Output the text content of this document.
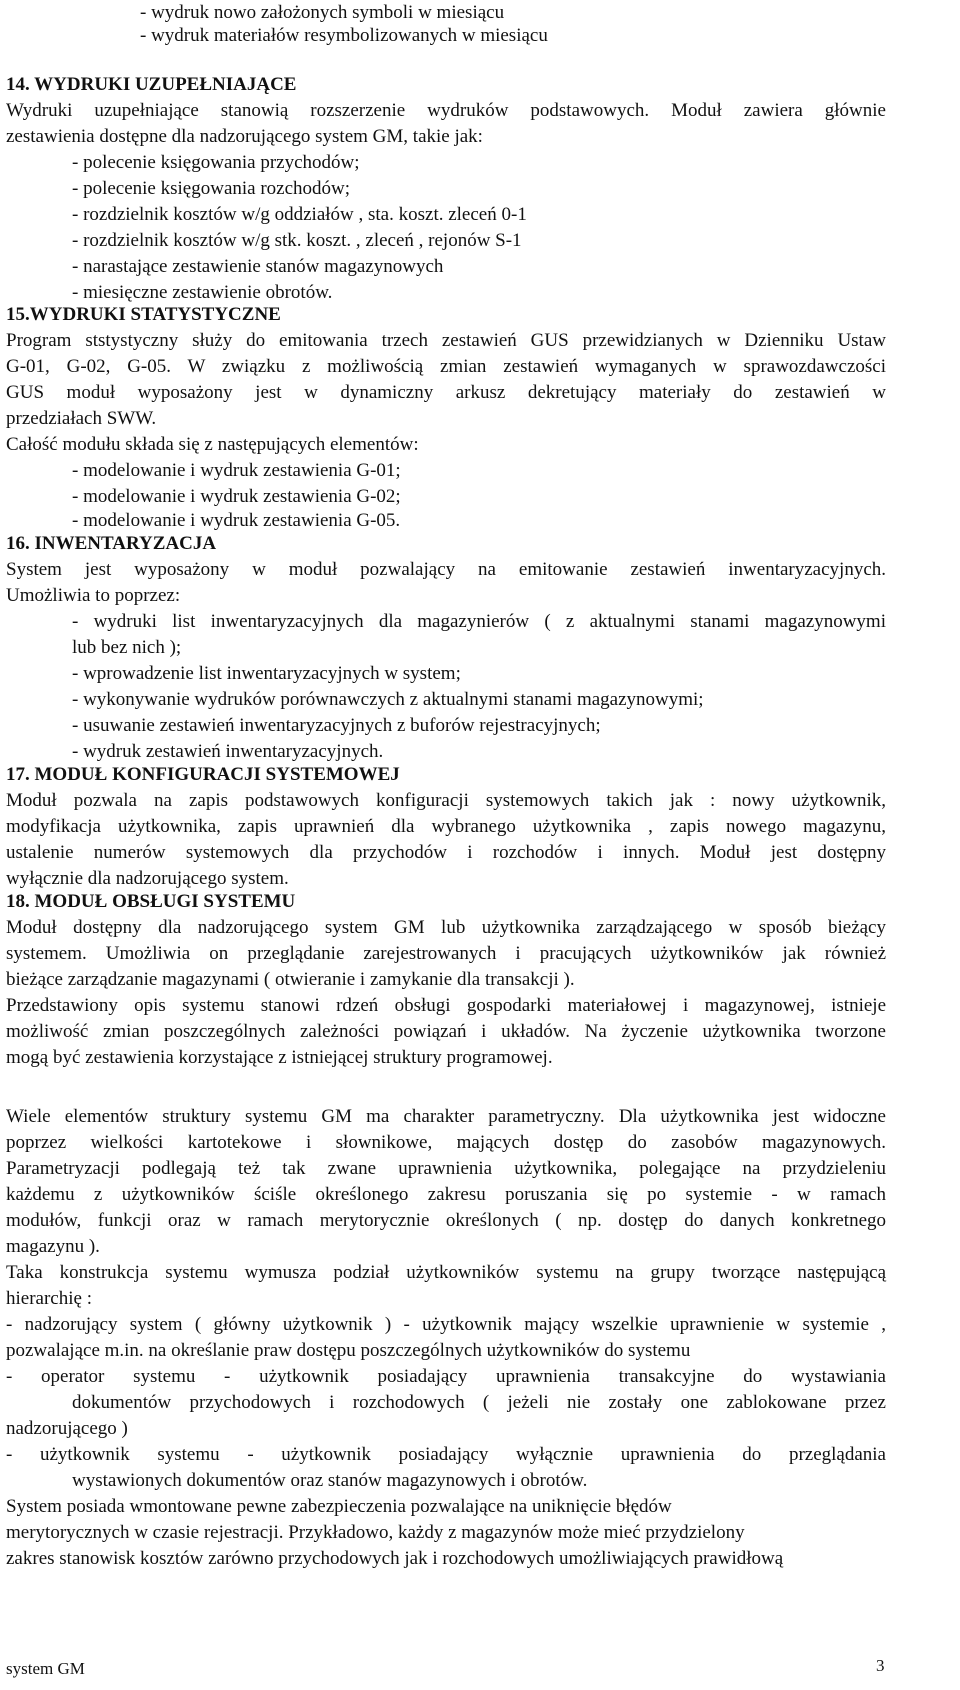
- wydruk nowo założonych symboli w miesiącu
- wydruk materiałów resymbolizowanych w miesiącu
14. WYDRUKI UZUPEŁNIAJĄCE
Wydruki uzupełniające stanowią rozszerzenie wydruków podstawowych. Moduł zawiera głównie
zestawienia dostępne dla nadzorującego system GM, takie jak:
- polecenie księgowania przychodów;
- polecenie księgowania rozchodów;
- rozdzielnik kosztów w/g oddziałów , sta. koszt. zleceń 0-1
- rozdzielnik kosztów w/g stk. koszt. , zleceń , rejonów S-1
- narastające zestawienie stanów magazynowych
- miesięczne zestawienie obrotów.
15.WYDRUKI STATYSTYCZNE
Program ststystyczny służy do emitowania trzech zestawień GUS przewidzianych w Dzienniku Ustaw
G-01, G-02, G-05. W związku z możliwością zmian zestawień wymaganych w sprawozdawczości
GUS moduł wyposażony jest w dynamiczny arkusz dekretujący materiały do zestawień w
przedziałach SWW.
Całość modułu składa się z następujących elementów:
- modelowanie i wydruk zestawienia G-01;
- modelowanie i wydruk zestawienia G-02;
- modelowanie i wydruk zestawienia G-05.
16. INWENTARYZACJA
System jest wyposażony w moduł pozwalający na emitowanie zestawień inwentaryzacyjnych.
Umożliwia to poprzez:
- wydruki list inwentaryzacyjnych dla magazynierów ( z aktualnymi stanami magazynowymi
lub bez nich );
- wprowadzenie list inwentaryzacyjnych w system;
- wykonywanie wydruków porównawczych z aktualnymi stanami magazynowymi;
- usuwanie zestawień inwentaryzacyjnych z buforów rejestracyjnych;
- wydruk zestawień inwentaryzacyjnych.
17. MODUŁ KONFIGURACJI SYSTEMOWEJ
Moduł pozwala na zapis podstawowych konfiguracji systemowych takich jak : nowy użytkownik,
modyfikacja użytkownika, zapis uprawnień dla wybranego użytkownika , zapis nowego magazynu,
ustalenie numerów systemowych dla przychodów i rozchodów i innych. Moduł jest dostępny
wyłącznie dla nadzorującego system.
18. MODUŁ OBSŁUGI SYSTEMU
Moduł dostępny dla nadzorującego system GM lub użytkownika zarządzającego w sposób bieżący
systemem. Umożliwia on przeglądanie zarejestrowanych i pracujących użytkowników jak również
bieżące zarządzanie magazynami ( otwieranie i zamykanie dla transakcji ).
Przedstawiony opis systemu stanowi rdzeń obsługi gospodarki materiałowej i magazynowej, istnieje
możliwość zmian poszczególnych zależności powiązań i układów. Na życzenie użytkownika tworzone
mogą być zestawienia korzystające z istniejącej struktury programowej.
Wiele elementów struktury systemu GM ma charakter parametryczny. Dla użytkownika jest widoczne
poprzez wielkości kartotekowe i słownikowe, mających dostęp do zasobów magazynowych.
Parametryzacji podlegają też tak zwane uprawnienia użytkownika, polegające na przydzieleniu
każdemu z użytkowników ściśle określonego zakresu poruszania się po systemie - w ramach
modułów, funkcji oraz w ramach merytorycznie określonych ( np. dostęp do danych konkretnego
magazynu ).
Taka konstrukcja systemu wymusza podział użytkowników systemu na grupy tworzące następującą
hierarchię :
- nadzorujący system ( główny użytkownik ) - użytkownik mający wszelkie uprawnienie w systemie ,
pozwalające m.in. na określanie praw dostępu poszczególnych użytkowników do systemu
- operator systemu - użytkownik posiadający uprawnienia transakcyjne do wystawiania
dokumentów przychodowych i rozchodowych ( jeżeli nie zostały one zablokowane przez
nadzorującego )
- użytkownik systemu - użytkownik posiadający wyłącznie uprawnienia do przeglądania
wystawionych dokumentów oraz stanów magazynowych i obrotów.
System posiada wmontowane pewne zabezpieczenia pozwalające na uniknięcie błędów
merytorycznych w czasie rejestracji. Przykładowo, każdy z magazynów może mieć przydzielony
zakres stanowisk kosztów zarówno przychodowych jak i rozchodowych umożliwiających prawidłową
system GM	3
